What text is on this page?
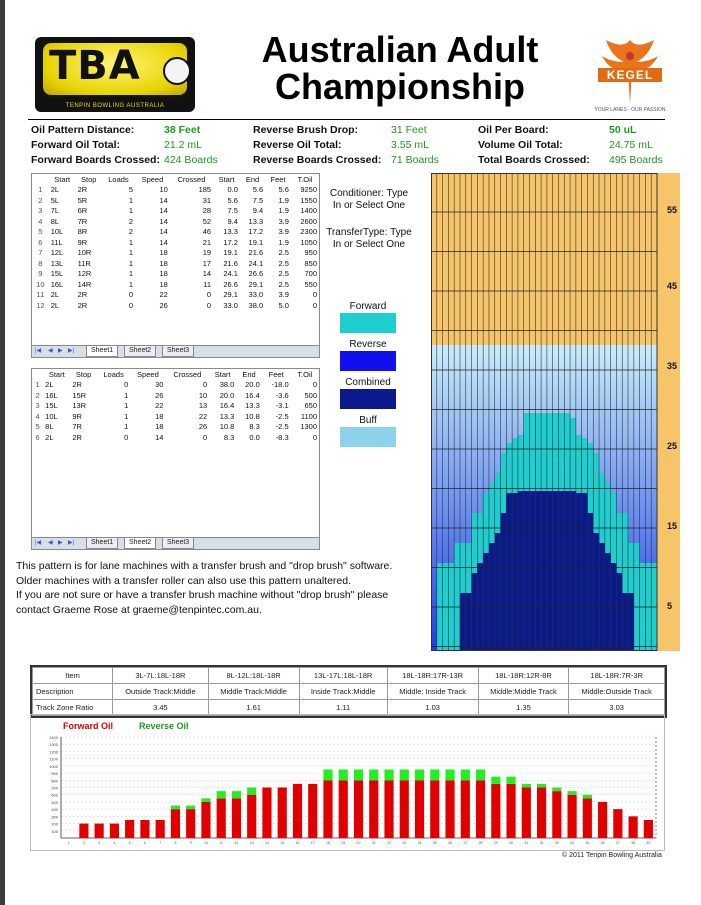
TBA
TENPIN BOWLING AUSTRALIA
Australian Adult
Championship	KEGEL
YOUR LANES · OUR PASSION
Oil Pattern Distance:	38 Feet	Reverse Brush Drop:	31 Feet	Oil Per Board:	50 uL
Forward Oil Total:	21.2 mL	Reverse Oil Total:	3.55 mL	Volume Oil Total:	24.75 mL
Forward Boards Crossed: 424 Boards	Reverse Boards Crossed: 71 Boards	Total Boards Crossed: 495 Boards
	Start	Stop	Loads	Speed	Crossed	Start	End	Feet	T.Oil
1	2L	2R	5	10	185	0.0	5.6	5.6	9250
2	5L	5R	1	14	31	5.6	7.5	1.9	1550
3	7L	6R	1	14	28	7.5	9.4	1.9	1400
4	8L	7R	2	14	52	9.4	13.3	3.9	2600
5	10L	8R	2	14	46	13.3	17.2	3.9	2300
6	11L	9R	1	14	21	17.2	19.1	1.9	1050
7	12L	10R	1	18	19	19.1	21.6	2.5	950
8	13L	11R	1	18	17	21.6	24.1	2.5	850
9	15L	12R	1	18	14	24.1	26.6	2.5	700
10	16L	14R	1	18	11	26.6	29.1	2.5	550
11	2L	2R	0	22	0	29.1	33.0	3.9	0
12	2L	2R	0	26	0	33.0	38.0	5.0	0
|◀ ◀ ▶ ▶|	Sheet1	Sheet2	Sheet3
	Start	Stop	Loads	Speed	Crossed	Start	End	Feet	T.Oil
1	2L	2R	0	30	0	38.0	20.0	-18.0	0
2	16L	15R	1	26	10	20.0	16.4	-3.6	500
3	15L	13R	1	22	13	16.4	13.3	-3.1	650
4	10L	9R	1	18	22	13.3	10.8	-2.5	1100
5	8L	7R	1	18	26	10.8	8.3	-2.5	1300
6	2L	2R	0	14	0	8.3	0.0	-8.3	0
|◀ ◀ ▶ ▶|	Sheet1	Sheet2	Sheet3
Conditioner: Type In or Select One
TransferType: Type In or Select One
Forward
Reverse
Combined
Buff
55
45
35
25
15
5
This pattern is for lane machines with a transfer brush and "drop brush" software.
Older machines with a transfer roller can also use this pattern unaltered.
If you are not sure or have a transfer brush machine without "drop brush" please
contact Graeme Rose at graeme@tenpintec.com.au.
Item	3L-7L:18L-18R	8L-12L:18L-18R	13L-17L:18L-18R	18L-18R:17R-13R	18L-18R:12R-8R	18L-18R:7R-3R
Description	Outside Track:Middle	Middle Track:Middle	Inside Track:Middle	Middle: Inside Track	Middle:Middle Track	Middle:Outside Track
Track Zone Ratio	3.45	1.61	1.11	1.03	1.35	3.03
Forward Oil	Reverse Oil
1400
1300
1200
1100
1000
900
800
700
600
500
400
300
200
100
1	2	3	4	5	6	7	8	9	10	11	12	13	14	15	16	17	18	19	20	21	22	23	24	25	26	27	28	29	30	31	32	33	34	35	36	37	38	39
© 2011 Tenpin Bowling Australia
